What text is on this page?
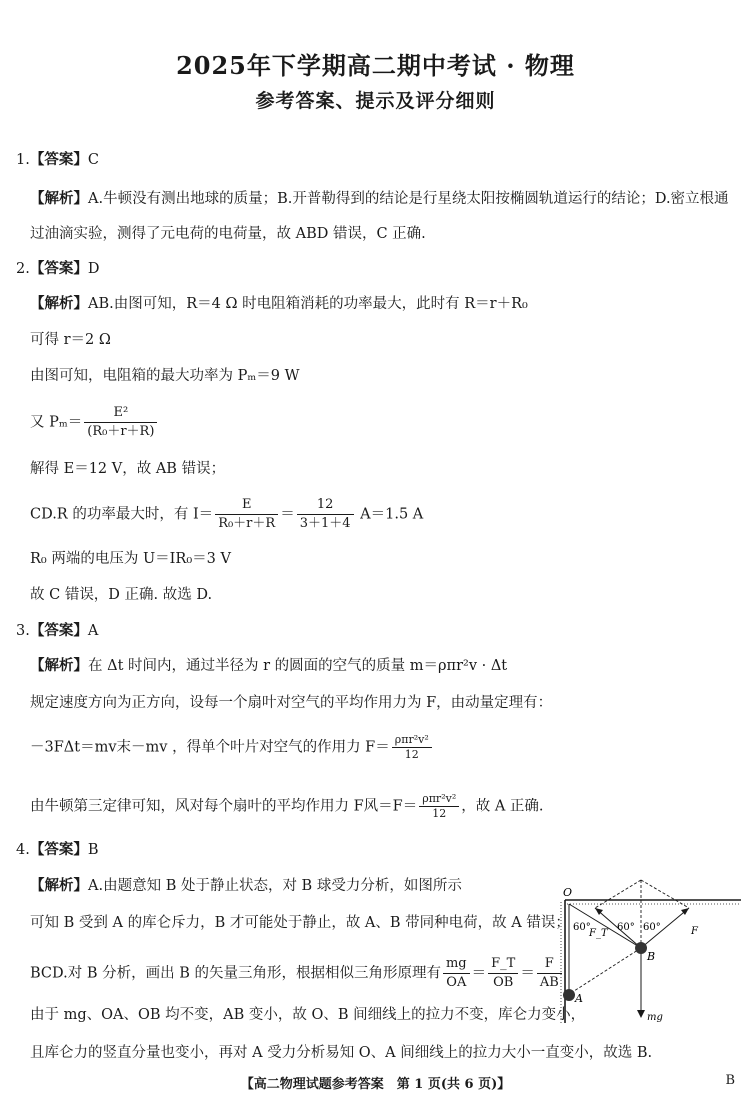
2025年下学期高二期中考试 · 物理
参考答案、提示及评分细则
1.【答案】C
【解析】A.牛顿没有测出地球的质量；B.开普勒得到的结论是行星绕太阳按椭圆轨道运行的结论；D.密立根通
过油滴实验，测得了元电荷的电荷量，故 ABD 错误，C 正确.
2.【答案】D
【解析】AB.由图可知，R＝4 Ω 时电阻箱消耗的功率最大，此时有 R＝r＋R₀
可得 r＝2 Ω
由图可知，电阻箱的最大功率为 Pₘ＝9 W
又 $P_m= \frac{\text{E²}}{\text{(R₀＋r＋R)}}$
解得 E＝12 V，故 AB 错误；
CD.R 的功率最大时，有 $I= \frac{E}{\text{R₀＋r＋R}} = \frac{12}{3+1+4} A=1.5$ A
R₀ 两端的电压为 U＝IR₀＝3 V
故 C 错误，D 正确. 故选 D.
3.【答案】A
【解析】在 Δt 时间内，通过半径为 r 的圆面的空气的质量 m＝ρπr²v · Δt
规定速度方向为正方向，设每一个扇叶对空气的平均作用力为 F，由动量定理有：
－3FΔt＝mv末－mv ，得单个叶片对空气的作用力 $F= \frac{\text{ρπr²v²}}{12}$
由牛顿第三定律可知，风对每个扇叶的平均作用力 F风$=F= \frac{\text{ρπr²v²}}{12}$ ，故 A 正确.
4.【答案】B
【解析】A.由题意知 B 处于静止状态，对 B 球受力分析，如图所示
可知 B 受到 A 的库仑斥力，B 才可能处于静止，故 A、B 带同种电荷，故 A 错误；
BCD.对 B 分析，画出 B 的矢量三角形，根据相似三角形原理有 $\frac{mg}{OA} = \frac{F\_T}{OB} = \frac{F}{AB}$
由于 mg、OA、OB 均不变，AB 变小，故 O、B 间细线上的拉力不变，库仑力变小，
且库仑力的竖直分量也变小，再对 A 受力分析易知 O、A 间细线上的拉力大小一直变小，故选 B.
O
A
B
F_T	F
mg
60°	60° 60°
【高二物理试题参考答案　第 1 页(共 6 页)】	B
